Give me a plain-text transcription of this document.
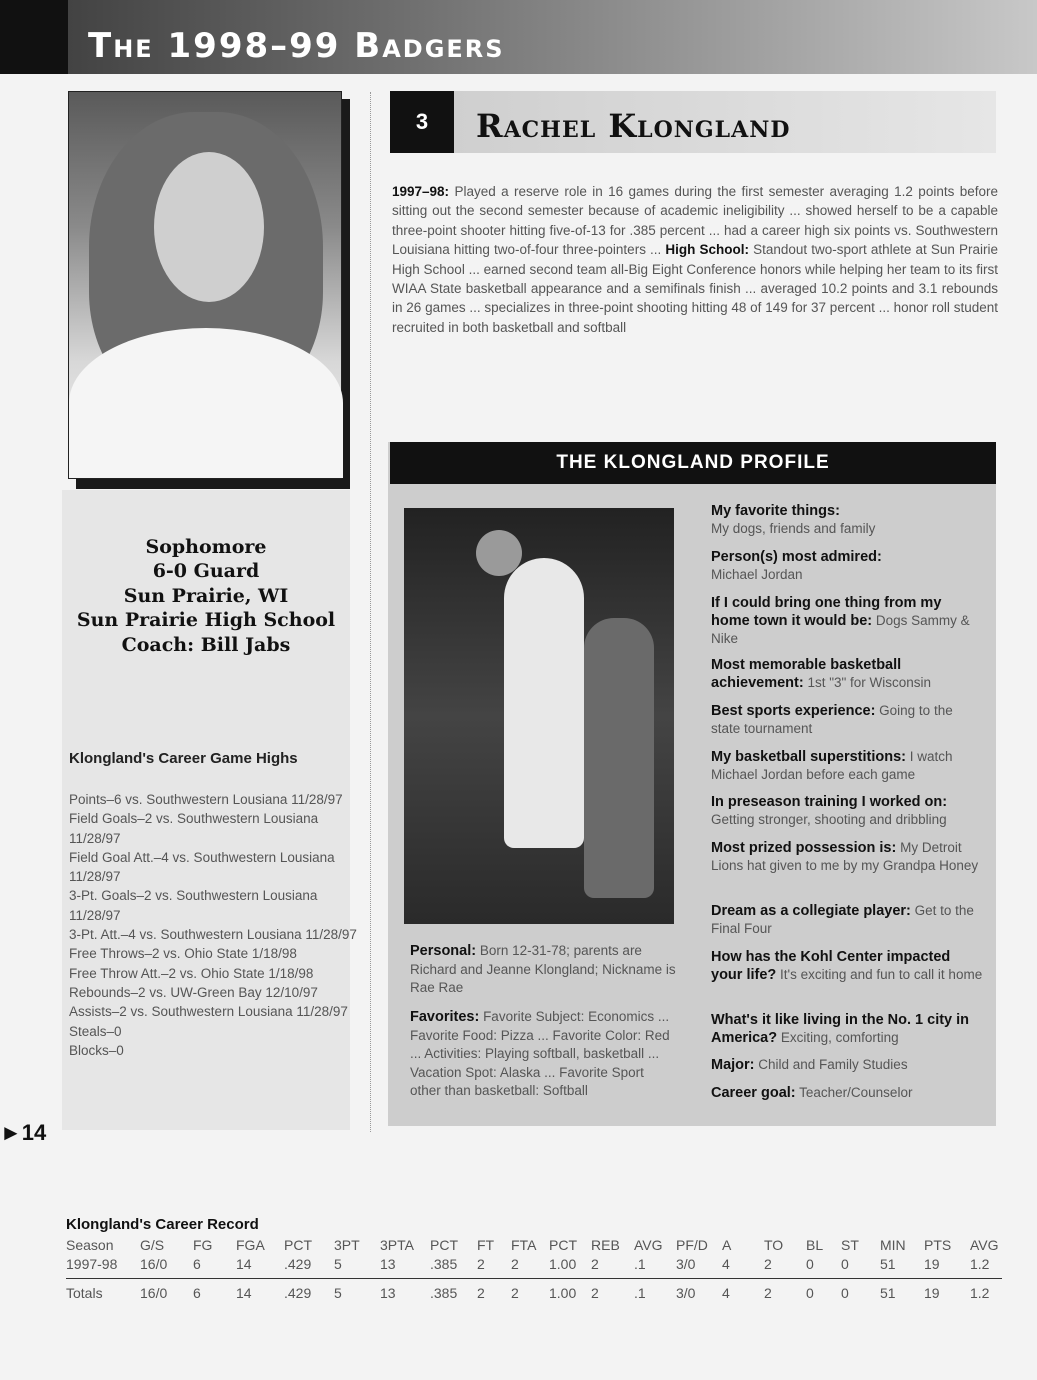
The 1998–99 Badgers
Sophomore
6-0 Guard
Sun Prairie, WI
Sun Prairie High School
Coach: Bill Jabs
Klongland's Career Game Highs
Points–6 vs. Southwestern Lousiana 11/28/97
Field Goals–2 vs. Southwestern Lousiana 11/28/97
Field Goal Att.–4 vs. Southwestern Lousiana 11/28/97
3-Pt. Goals–2 vs. Southwestern Lousiana 11/28/97
3-Pt. Att.–4 vs. Southwestern Lousiana 11/28/97
Free Throws–2 vs. Ohio State 1/18/98
Free Throw Att.–2 vs. Ohio State 1/18/98
Rebounds–2 vs. UW-Green Bay 12/10/97
Assists–2 vs. Southwestern Lousiana 11/28/97
Steals–0
Blocks–0
3	Rachel Klongland
1997–98: Played a reserve role in 16 games during the first semester averaging 1.2 points before sitting out the second semester because of academic ineligibility ... showed herself to be a capable three-point shooter hitting five-of-13 for .385 percent ... had a career high six points vs. Southwestern Louisiana hitting two-of-four three-pointers ... High School: Standout two-sport athlete at Sun Prairie High School ... earned second team all-Big Eight Conference honors while helping her team to its first WIAA State basketball appearance and a semifinals finish ... averaged 10.2 points and 3.1 rebounds in 26 games ... specializes in three-point shooting hitting 48 of 149 for 37 percent ... honor roll student recruited in both basketball and softball
THE KLONGLAND PROFILE
Personal: Born 12-31-78; parents are Richard and Jeanne Klongland; Nickname is Rae Rae
Favorites: Favorite Subject: Economics ... Favorite Food: Pizza ... Favorite Color: Red ... Activities: Playing softball, basketball ... Vacation Spot: Alaska ... Favorite Sport other than basketball: Softball
My favorite things:
My dogs, friends and family
Person(s) most admired:
Michael Jordan
If I could bring one thing from my home town it would be: Dogs Sammy & Nike
Most memorable basketball achievement: 1st "3" for Wisconsin
Best sports experience: Going to the state tournament
My basketball superstitions: I watch Michael Jordan before each game
In preseason training I worked on:
Getting stronger, shooting and dribbling
Most prized possession is: My Detroit Lions hat given to me by my Grandpa Honey
Dream as a collegiate player: Get to the Final Four
How has the Kohl Center impacted your life? It's exciting and fun to call it home
What's it like living in the No. 1 city in America? Exciting, comforting
Major: Child and Family Studies
Career goal: Teacher/Counselor
►14
Klongland's Career Record
Season G/S FG FGA PCT 3PT 3PTA PCT FT FTA PCT REB AVG PF/D A TO BL ST MIN PTS AVG
1997-98 16/0 6	14 .429 5	13 .385 2 2 1.00 2	.1 3/0 4 2 0 0 51 19 1.2
Totals	16/0 6	14 .429 5	13 .385 2 2 1.00 2	.1 3/0 4 2 0 0 51 19 1.2
